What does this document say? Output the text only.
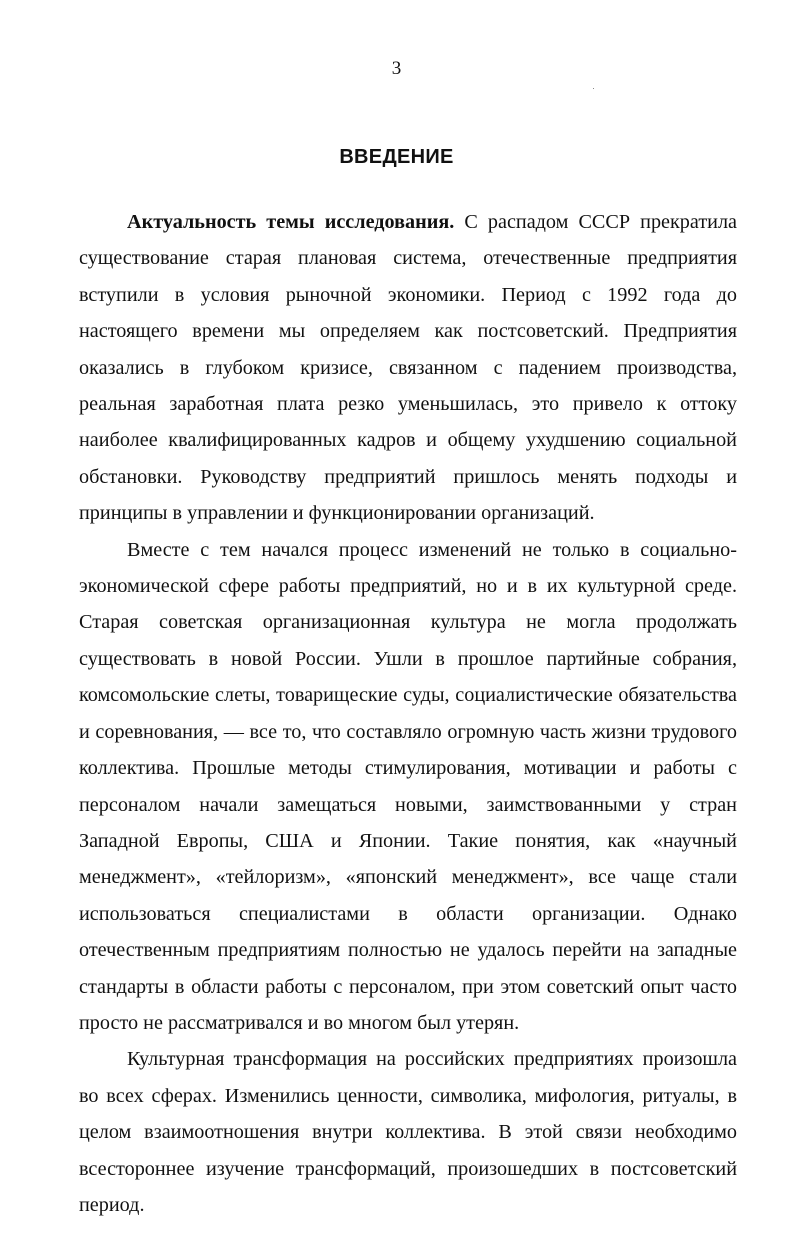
3
ВВЕДЕНИЕ

Актуальность темы исследования. С распадом СССР прекратила существование старая плановая система, отечественные предприятия вступили в условия рыночной экономики. Период с 1992 года до настоящего времени мы определяем как постсоветский. Предприятия оказались в глубоком кризисе, связанном с падением производства, реальная заработная плата резко уменьшилась, это привело к оттоку наиболее квалифицированных кадров и общему ухудшению социальной обстановки. Руководству предприятий пришлось менять подходы и принципы в управлении и функционировании организаций.

Вместе с тем начался процесс изменений не только в социально-экономической сфере работы предприятий, но и в их культурной среде. Старая советская организационная культура не могла продолжать существовать в новой России. Ушли в прошлое партийные собрания, комсомольские слеты, товарищеские суды, социалистические обязательства и соревнования, — все то, что составляло огромную часть жизни трудового коллектива. Прошлые методы стимулирования, мотивации и работы с персоналом начали замещаться новыми, заимствованными у стран Западной Европы, США и Японии. Такие понятия, как «научный менеджмент», «тейлоризм», «японский менеджмент», все чаще стали использоваться специалистами в области организации. Однако отечественным предприятиям полностью не удалось перейти на западные стандарты в области работы с персоналом, при этом советский опыт часто просто не рассматривался и во многом был утерян.

Культурная трансформация на российских предприятиях произошла во всех сферах. Изменились ценности, символика, мифология, ритуалы, в целом взаимоотношения внутри коллектива. В этой связи необходимо всестороннее изучение трансформаций, произошедших в постсоветский период.
